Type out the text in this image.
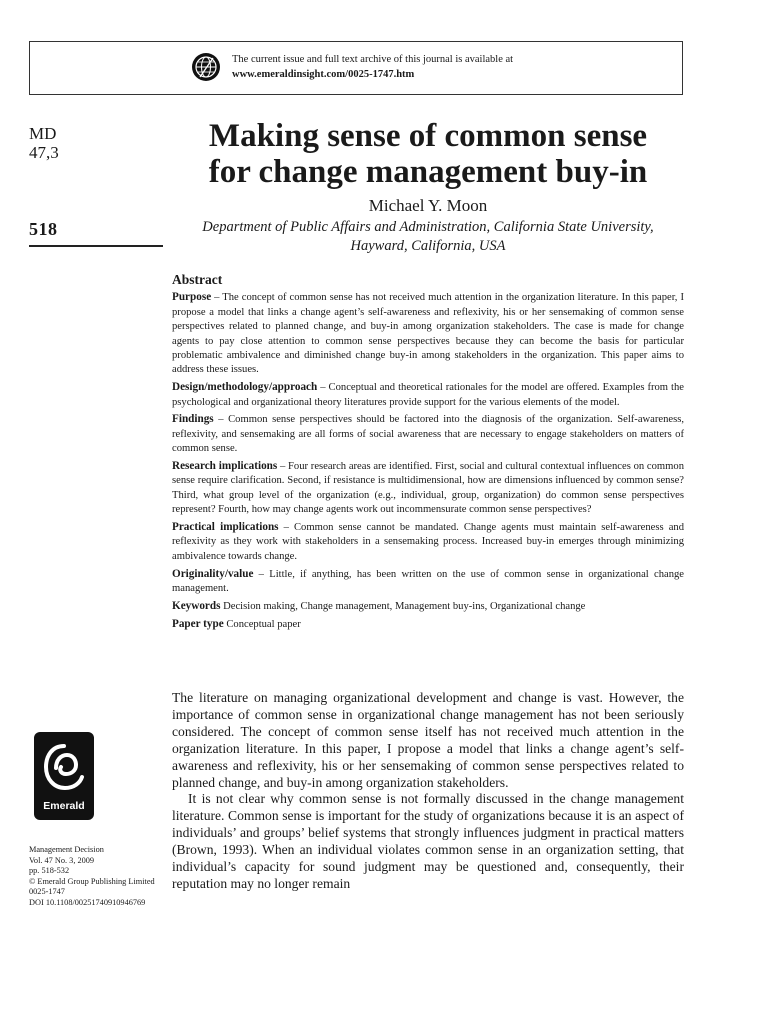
The current issue and full text archive of this journal is available at
www.emeraldinsight.com/0025-1747.htm
MD
47,3
518
Making sense of common sense
for change management buy-in
Michael Y. Moon
Department of Public Affairs and Administration, California State University, Hayward, California, USA
Abstract

Purpose – The concept of common sense has not received much attention in the organization literature. In this paper, I propose a model that links a change agent’s self-awareness and reflexivity, his or her sensemaking of common sense perspectives related to planned change, and buy-in among organization stakeholders. The case is made for change agents to pay close attention to common sense perspectives because they can become the basis for particular problematic ambivalence and diminished change buy-in among stakeholders in the organization. This paper aims to address these issues.

Design/methodology/approach – Conceptual and theoretical rationales for the model are offered. Examples from the psychological and organizational theory literatures provide support for the various elements of the model.

Findings – Common sense perspectives should be factored into the diagnosis of the organization. Self-awareness, reflexivity, and sensemaking are all forms of social awareness that are necessary to engage stakeholders on matters of common sense.

Research implications – Four research areas are identified. First, social and cultural contextual influences on common sense require clarification. Second, if resistance is multidimensional, how are dimensions influenced by common sense? Third, what group level of the organization (e.g., individual, group, organization) do common sense perspectives represent? Fourth, how may change agents work out incommensurate common sense perspectives?

Practical implications – Common sense cannot be mandated. Change agents must maintain self-awareness and reflexivity as they work with stakeholders in a sensemaking process. Increased buy-in emerges through minimizing ambivalence towards change.

Originality/value – Little, if anything, has been written on the use of common sense in organizational change management.

Keywords Decision making, Change management, Management buy-ins, Organizational change

Paper type Conceptual paper

The literature on managing organizational development and change is vast. However, the importance of common sense in organizational change management has not been seriously considered. The concept of common sense itself has not received much attention in the organization literature. In this paper, I propose a model that links a change agent’s self-awareness and reflexivity, his or her sensemaking of common sense perspectives related to planned change, and buy-in among organization stakeholders.

It is not clear why common sense is not formally discussed in the change management literature. Common sense is important for the study of organizations because it is an aspect of individuals’ and groups’ belief systems that strongly influences judgment in practical matters (Brown, 1993). When an individual violates common sense in an organization setting, that individual’s capacity for sound judgment may be questioned and, consequently, their reputation may no longer remain

Emerald
Management Decision
Vol. 47 No. 3, 2009
pp. 518-532
© Emerald Group Publishing Limited
0025-1747
DOI 10.1108/00251740910946769
